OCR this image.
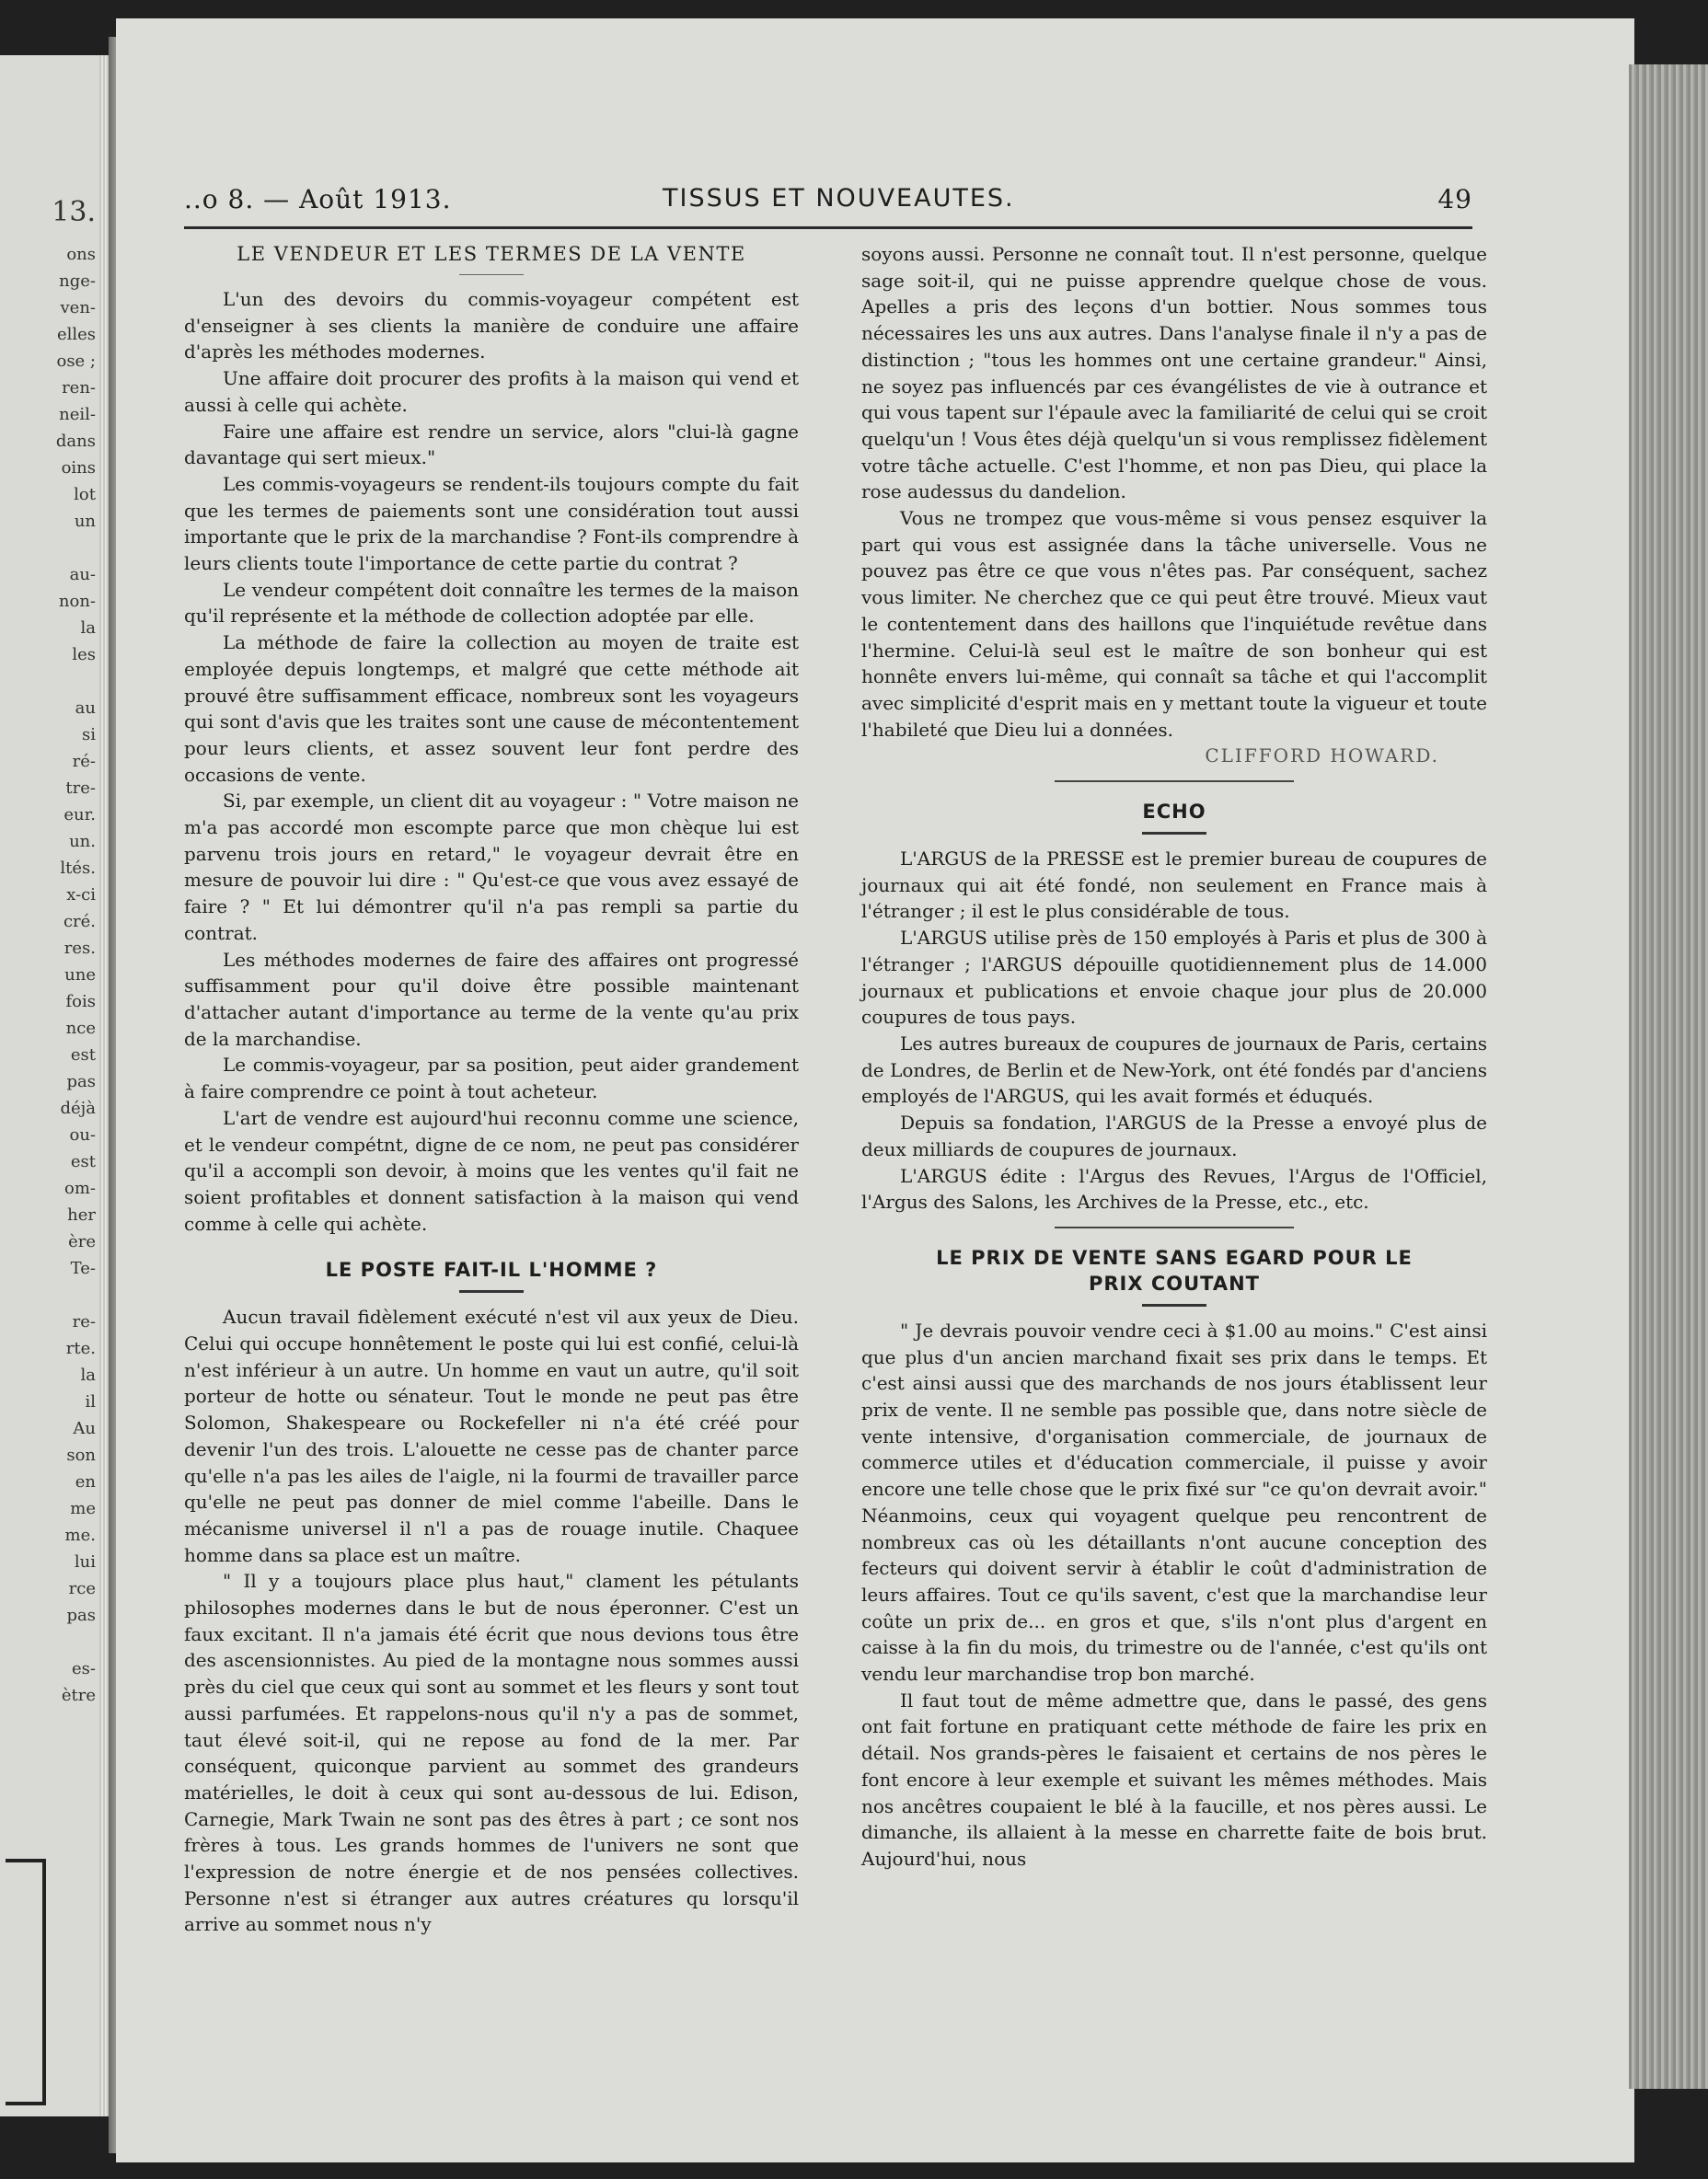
13.
ons
nge-
ven-
elles
ose ;
ren-
neil-
dans
oins
lot
un

au-
non-
la
les

au
si
ré-
tre-
eur.
un.
ltés.
x-ci
cré.
res.
une
fois
nce
est
pas
déjà
ou-
est
om-
her
ère
Te-

re-
rte.
la
il
Au
son
en
me
me.
lui
rce
pas

es-
ètre
..o 8. — Août 1913.	TISSUS ET NOUVEAUTES.	49
LE VENDEUR ET LES TERMES DE LA VENTE

L'un des devoirs du commis-voyageur compétent est d'enseigner à ses clients la manière de conduire une affaire d'après les méthodes modernes.

Une affaire doit procurer des profits à la maison qui vend et aussi à celle qui achète.

Faire une affaire est rendre un service, alors "clui-là gagne davantage qui sert mieux."

Les commis-voyageurs se rendent-ils toujours compte du fait que les termes de paiements sont une considération tout aussi importante que le prix de la marchandise ? Font-ils comprendre à leurs clients toute l'importance de cette partie du contrat ?

Le vendeur compétent doit connaître les termes de la maison qu'il représente et la méthode de collection adoptée par elle.

La méthode de faire la collection au moyen de traite est employée depuis longtemps, et malgré que cette méthode ait prouvé être suffisamment efficace, nombreux sont les voyageurs qui sont d'avis que les traites sont une cause de mécontentement pour leurs clients, et assez souvent leur font perdre des occasions de vente.

Si, par exemple, un client dit au voyageur : " Votre maison ne m'a pas accordé mon escompte parce que mon chèque lui est parvenu trois jours en retard," le voyageur devrait être en mesure de pouvoir lui dire : " Qu'est-ce que vous avez essayé de faire ? " Et lui démontrer qu'il n'a pas rempli sa partie du contrat.

Les méthodes modernes de faire des affaires ont progressé suffisamment pour qu'il doive être possible maintenant d'attacher autant d'importance au terme de la vente qu'au prix de la marchandise.

Le commis-voyageur, par sa position, peut aider grandement à faire comprendre ce point à tout acheteur.

L'art de vendre est aujourd'hui reconnu comme une science, et le vendeur compétnt, digne de ce nom, ne peut pas considérer qu'il a accompli son devoir, à moins que les ventes qu'il fait ne soient profitables et donnent satisfaction à la maison qui vend comme à celle qui achète.

LE POSTE FAIT-IL L'HOMME ?

Aucun travail fidèlement exécuté n'est vil aux yeux de Dieu. Celui qui occupe honnêtement le poste qui lui est confié, celui-là n'est inférieur à un autre. Un homme en vaut un autre, qu'il soit porteur de hotte ou sénateur. Tout le monde ne peut pas être Solomon, Shakespeare ou Rockefeller ni n'a été créé pour devenir l'un des trois. L'alouette ne cesse pas de chanter parce qu'elle n'a pas les ailes de l'aigle, ni la fourmi de travailler parce qu'elle ne peut pas donner de miel comme l'abeille. Dans le mécanisme universel il n'l a pas de rouage inutile. Chaquee homme dans sa place est un maître.

" Il y a toujours place plus haut," clament les pétulants philosophes modernes dans le but de nous éperonner. C'est un faux excitant. Il n'a jamais été écrit que nous devions tous être des ascensionnistes. Au pied de la montagne nous sommes aussi près du ciel que ceux qui sont au sommet et les fleurs y sont tout aussi parfumées. Et rappelons-nous qu'il n'y a pas de sommet, taut élevé soit-il, qui ne repose au fond de la mer. Par conséquent, quiconque parvient au sommet des grandeurs matérielles, le doit à ceux qui sont au-dessous de lui. Edison, Carnegie, Mark Twain ne sont pas des êtres à part ; ce sont nos frères à tous. Les grands hommes de l'univers ne sont que l'expression de notre énergie et de nos pensées collectives. Personne n'est si étranger aux autres créatures qu lorsqu'il arrive au sommet nous n'y

soyons aussi. Personne ne connaît tout. Il n'est personne, quelque sage soit-il, qui ne puisse apprendre quelque chose de vous. Apelles a pris des leçons d'un bottier. Nous sommes tous nécessaires les uns aux autres. Dans l'analyse finale il n'y a pas de distinction ; "tous les hommes ont une certaine grandeur." Ainsi, ne soyez pas influencés par ces évangélistes de vie à outrance et qui vous tapent sur l'épaule avec la familiarité de celui qui se croit quelqu'un ! Vous êtes déjà quelqu'un si vous remplissez fidèlement votre tâche actuelle. C'est l'homme, et non pas Dieu, qui place la rose audessus du dandelion.

Vous ne trompez que vous-même si vous pensez esquiver la part qui vous est assignée dans la tâche universelle. Vous ne pouvez pas être ce que vous n'êtes pas. Par conséquent, sachez vous limiter. Ne cherchez que ce qui peut être trouvé. Mieux vaut le contentement dans des haillons que l'inquiétude revêtue dans l'hermine. Celui-là seul est le maître de son bonheur qui est honnête envers lui-même, qui connaît sa tâche et qui l'accomplit avec simplicité d'esprit mais en y mettant toute la vigueur et toute l'habileté que Dieu lui a données.

CLIFFORD HOWARD.
ECHO

L'ARGUS de la PRESSE est le premier bureau de coupures de journaux qui ait été fondé, non seulement en France mais à l'étranger ; il est le plus considérable de tous.

L'ARGUS utilise près de 150 employés à Paris et plus de 300 à l'étranger ; l'ARGUS dépouille quotidiennement plus de 14.000 journaux et publications et envoie chaque jour plus de 20.000 coupures de tous pays.

Les autres bureaux de coupures de journaux de Paris, certains de Londres, de Berlin et de New-York, ont été fondés par d'anciens employés de l'ARGUS, qui les avait formés et éduqués.

Depuis sa fondation, l'ARGUS de la Presse a envoyé plus de deux milliards de coupures de journaux.

L'ARGUS édite : l'Argus des Revues, l'Argus de l'Officiel, l'Argus des Salons, les Archives de la Presse, etc., etc.

LE PRIX DE VENTE SANS EGARD POUR LE
PRIX COUTANT

" Je devrais pouvoir vendre ceci à $1.00 au moins." C'est ainsi que plus d'un ancien marchand fixait ses prix dans le temps. Et c'est ainsi aussi que des marchands de nos jours établissent leur prix de vente. Il ne semble pas possible que, dans notre siècle de vente intensive, d'organisation commerciale, de journaux de commerce utiles et d'éducation commerciale, il puisse y avoir encore une telle chose que le prix fixé sur "ce qu'on devrait avoir." Néanmoins, ceux qui voyagent quelque peu rencontrent de nombreux cas où les détaillants n'ont aucune conception des fecteurs qui doivent servir à établir le coût d'administration de leurs affaires. Tout ce qu'ils savent, c'est que la marchandise leur coûte un prix de... en gros et que, s'ils n'ont plus d'argent en caisse à la fin du mois, du trimestre ou de l'année, c'est qu'ils ont vendu leur marchandise trop bon marché.

Il faut tout de même admettre que, dans le passé, des gens ont fait fortune en pratiquant cette méthode de faire les prix en détail. Nos grands-pères le faisaient et certains de nos pères le font encore à leur exemple et suivant les mêmes méthodes. Mais nos ancêtres coupaient le blé à la faucille, et nos pères aussi. Le dimanche, ils allaient à la messe en charrette faite de bois brut. Aujourd'hui, nous
